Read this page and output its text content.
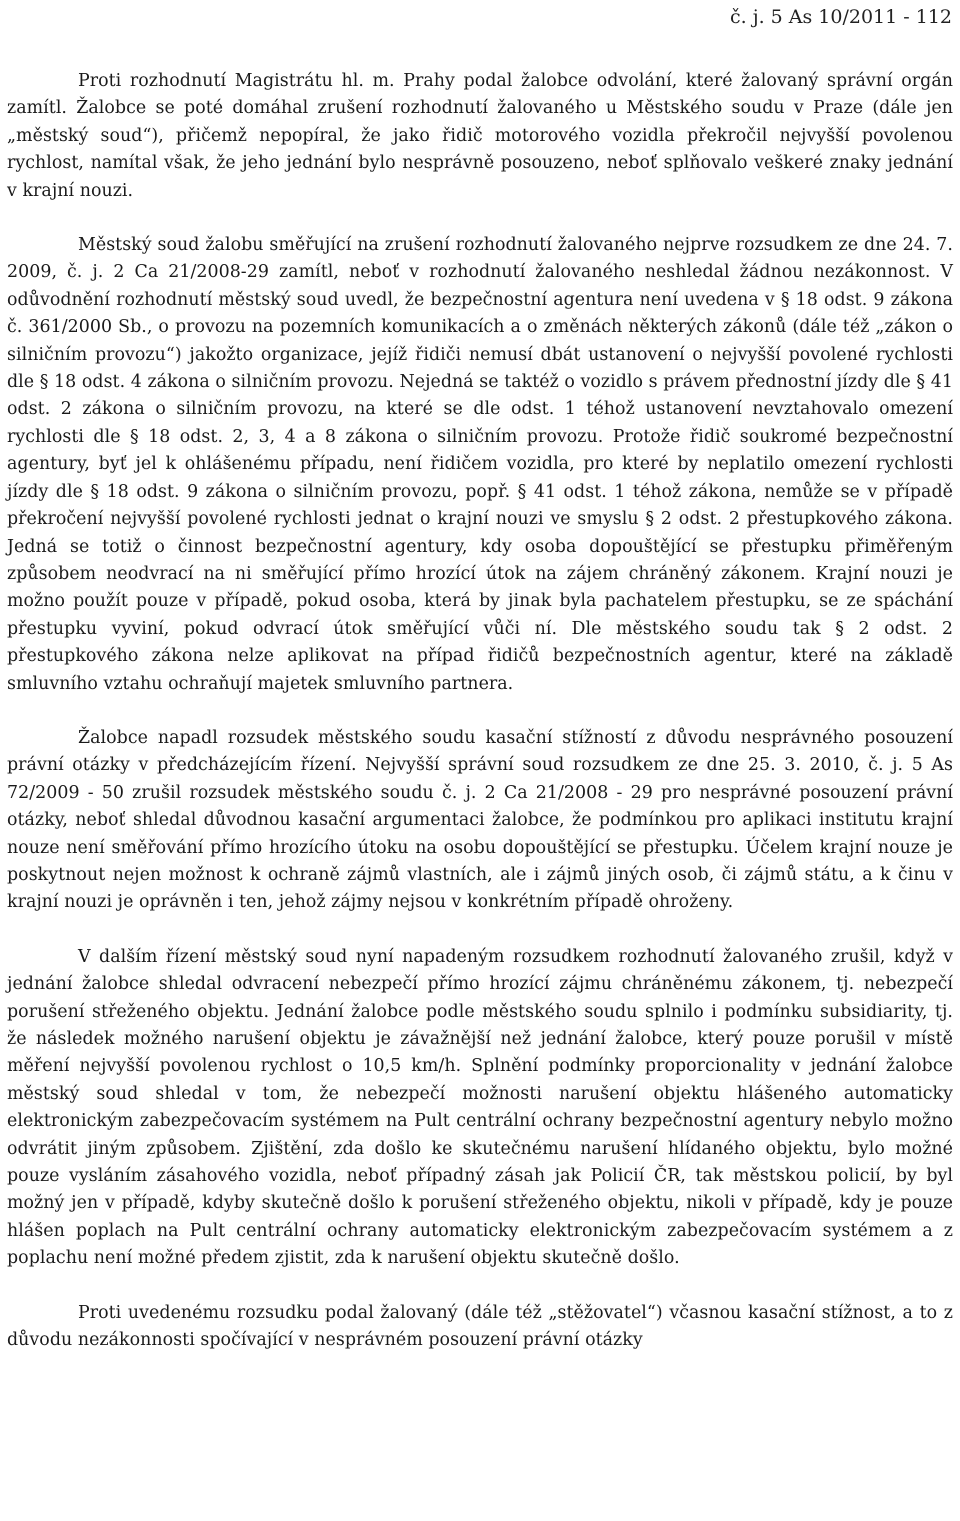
č. j. 5 As 10/2011 - 112

Proti rozhodnutí Magistrátu hl. m. Prahy podal žalobce odvolání, které žalovaný správní orgán zamítl. Žalobce se poté domáhal zrušení rozhodnutí žalovaného u Městského soudu v Praze (dále jen „městský soud“), přičemž nepopíral, že jako řidič motorového vozidla překročil nejvyšší povolenou rychlost, namítal však, že jeho jednání bylo nesprávně posouzeno, neboť splňovalo veškeré znaky jednání v krajní nouzi.

Městský soud žalobu směřující na zrušení rozhodnutí žalovaného nejprve rozsudkem ze dne 24. 7. 2009, č. j. 2 Ca 21/2008-29 zamítl, neboť v rozhodnutí žalovaného neshledal žádnou nezákonnost. V odůvodnění rozhodnutí městský soud uvedl, že bezpečnostní agentura není uvedena v § 18 odst. 9 zákona č. 361/2000 Sb., o provozu na pozemních komunikacích a o změnách některých zákonů (dále též „zákon o silničním provozu“) jakožto organizace, jejíž řidiči nemusí dbát ustanovení o nejvyšší povolené rychlosti dle § 18 odst. 4 zákona o silničním provozu. Nejedná se taktéž o vozidlo s právem přednostní jízdy dle § 41 odst. 2 zákona o silničním provozu, na které se dle odst. 1 téhož ustanovení nevztahovalo omezení rychlosti dle § 18 odst. 2, 3, 4 a 8 zákona o silničním provozu. Protože řidič soukromé bezpečnostní agentury, byť jel k ohlášenému případu, není řidičem vozidla, pro které by neplatilo omezení rychlosti jízdy dle § 18 odst. 9 zákona o silničním provozu, popř. § 41 odst. 1 téhož zákona, nemůže se v případě překročení nejvyšší povolené rychlosti jednat o krajní nouzi ve smyslu § 2 odst. 2 přestupkového zákona. Jedná se totiž o činnost bezpečnostní agentury, kdy osoba dopouštějící se přestupku přiměřeným způsobem neodvrací na ni směřující přímo hrozící útok na zájem chráněný zákonem. Krajní nouzi je možno použít pouze v případě, pokud osoba, která by jinak byla pachatelem přestupku, se ze spáchání přestupku vyviní, pokud odvrací útok směřující vůči ní. Dle městského soudu tak § 2 odst. 2 přestupkového zákona nelze aplikovat na případ řidičů bezpečnostních agentur, které na základě smluvního vztahu ochraňují majetek smluvního partnera.

Žalobce napadl rozsudek městského soudu kasační stížností z důvodu nesprávného posouzení právní otázky v předcházejícím řízení. Nejvyšší správní soud rozsudkem ze dne 25. 3. 2010, č. j. 5 As 72/2009 - 50 zrušil rozsudek městského soudu č. j. 2 Ca 21/2008 - 29 pro nesprávné posouzení právní otázky, neboť shledal důvodnou kasační argumentaci žalobce, že podmínkou pro aplikaci institutu krajní nouze není směřování přímo hrozícího útoku na osobu dopouštějící se přestupku. Účelem krajní nouze je poskytnout nejen možnost k ochraně zájmů vlastních, ale i zájmů jiných osob, či zájmů státu, a k činu v krajní nouzi je oprávněn i ten, jehož zájmy nejsou v konkrétním případě ohroženy.

V dalším řízení městský soud nyní napadeným rozsudkem rozhodnutí žalovaného zrušil, když v jednání žalobce shledal odvracení nebezpečí přímo hrozící zájmu chráněnému zákonem, tj. nebezpečí porušení střeženého objektu. Jednání žalobce podle městského soudu splnilo i podmínku subsidiarity, tj. že následek možného narušení objektu je závažnější než jednání žalobce, který pouze porušil v místě měření nejvyšší povolenou rychlost o 10,5 km/h. Splnění podmínky proporcionality v jednání žalobce městský soud shledal v tom, že nebezpečí možnosti narušení objektu hlášeného automaticky elektronickým zabezpečovacím systémem na Pult centrální ochrany bezpečnostní agentury nebylo možno odvrátit jiným způsobem. Zjištění, zda došlo ke skutečnému narušení hlídaného objektu, bylo možné pouze vysláním zásahového vozidla, neboť případný zásah jak Policií ČR, tak městskou policií, by byl možný jen v případě, kdyby skutečně došlo k porušení střeženého objektu, nikoli v případě, kdy je pouze hlášen poplach na Pult centrální ochrany automaticky elektronickým zabezpečovacím systémem a z poplachu není možné předem zjistit, zda k narušení objektu skutečně došlo.

Proti uvedenému rozsudku podal žalovaný (dále též „stěžovatel“) včasnou kasační stížnost, a to z důvodu nezákonnosti spočívající v nesprávném posouzení právní otázky
